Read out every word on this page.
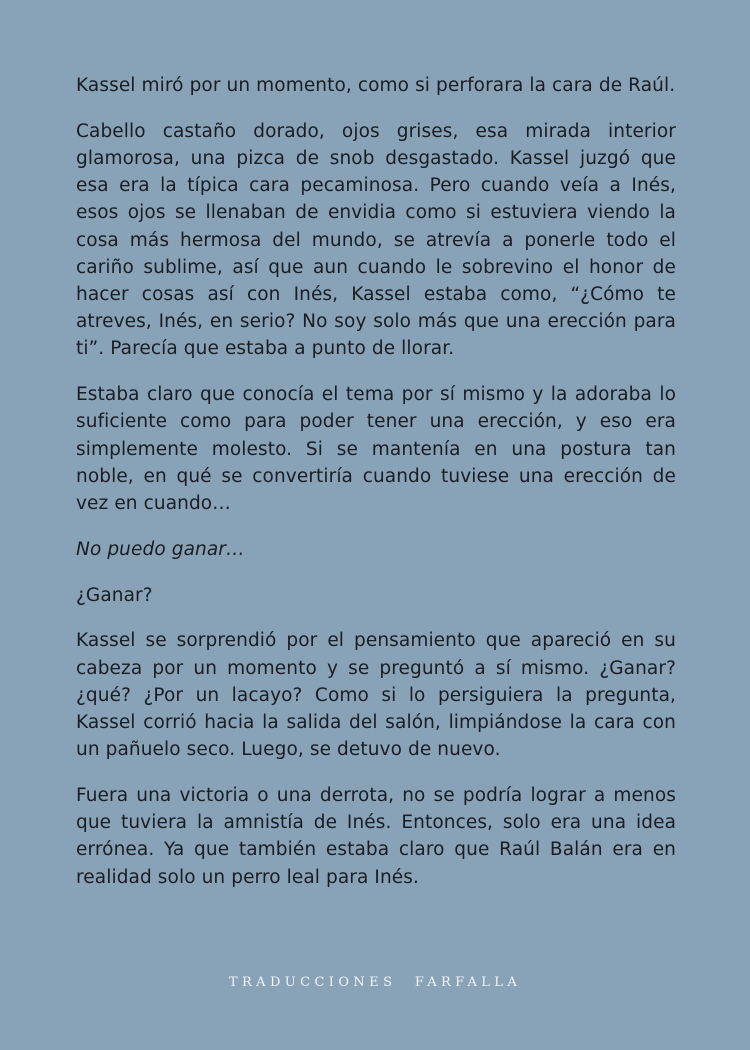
Kassel miró por un momento, como si perforara la cara de Raúl.

Cabello castaño dorado, ojos grises, esa mirada interior glamorosa, una pizca de snob desgastado. Kassel juzgó que esa era la típica cara pecaminosa. Pero cuando veía a Inés, esos ojos se llenaban de envidia como si estuviera viendo la cosa más hermosa del mundo, se atrevía a ponerle todo el cariño sublime, así que aun cuando le sobrevino el honor de hacer cosas así con Inés, Kassel estaba como, “¿Cómo te atreves, Inés, en serio? No soy solo más que una erección para ti”. Parecía que estaba a punto de llorar.

Estaba claro que conocía el tema por sí mismo y la adoraba lo suficiente como para poder tener una erección, y eso era simplemente molesto. Si se mantenía en una postura tan noble, en qué se convertiría cuando tuviese una erección de vez en cuando…

No puedo ganar…

¿Ganar?

Kassel se sorprendió por el pensamiento que apareció en su cabeza por un momento y se preguntó a sí mismo. ¿Ganar? ¿qué? ¿Por un lacayo? Como si lo persiguiera la pregunta, Kassel corrió hacia la salida del salón, limpiándose la cara con un pañuelo seco. Luego, se detuvo de nuevo.

Fuera una victoria o una derrota, no se podría lograr a menos que tuviera la amnistía de Inés. Entonces, solo era una idea errónea. Ya que también estaba claro que Raúl Balán era en realidad solo un perro leal para Inés.

TRADUCCIONES FARFALLA
